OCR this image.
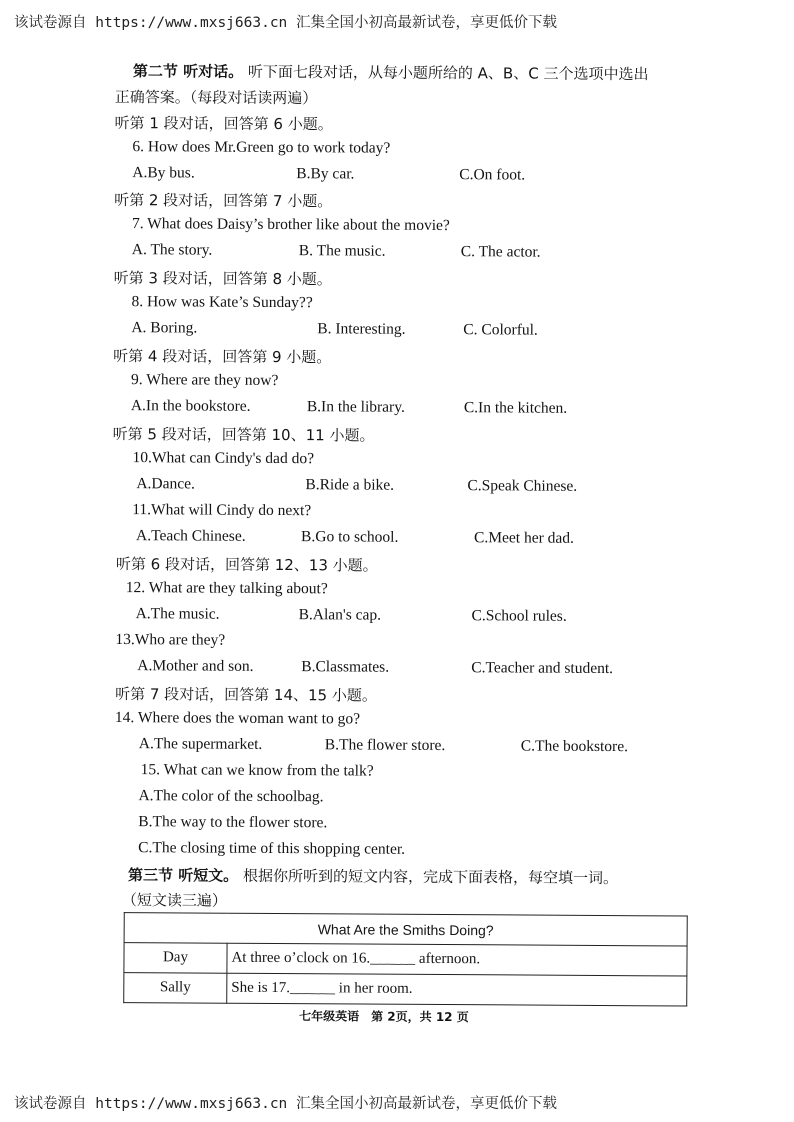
该试卷源自 https://www.mxsj663.cn 汇集全国小初高最新试卷，享更低价下载
第二节 听对话。 听下面七段对话，从每小题所给的 A、B、C 三个选项中选出
正确答案。（每段对话读两遍）
听第 1 段对话，回答第 6 小题。
6. How does Mr.Green go to work today?
A.By bus.	B.By car.	C.On foot.
听第 2 段对话，回答第 7 小题。
7. What does Daisy’s brother like about the movie?
A. The story.	B. The music.	C. The actor.
听第 3 段对话，回答第 8 小题。
8. How was Kate’s Sunday??
A. Boring.	B. Interesting.	C. Colorful.
听第 4 段对话，回答第 9 小题。
9. Where are they now?
A.In the bookstore.	B.In the library.	C.In the kitchen.
听第 5 段对话，回答第 10、11 小题。
10.What can Cindy's dad do?
A.Dance.	B.Ride a bike.	C.Speak Chinese.
11.What will Cindy do next?
A.Teach Chinese.	B.Go to school.	C.Meet her dad.
听第 6 段对话，回答第 12、13 小题。
12. What are they talking about?
A.The music.	B.Alan's cap.	C.School rules.
13.Who are they?
A.Mother and son.	B.Classmates.	C.Teacher and student.
听第 7 段对话，回答第 14、15 小题。
14. Where does the woman want to go?
A.The supermarket.	B.The flower store.	C.The bookstore.
15. What can we know from the talk?
A.The color of the schoolbag.
B.The way to the flower store.
C.The closing time of this shopping center.
第三节 听短文。 根据你所听到的短文内容，完成下面表格，每空填一词。
（短文读三遍）
What Are the Smiths Doing?	
Day	At three o’clock on 16.______ afternoon.
Sally	She is 17.______ in her room.
七年级英语　第 2页，共 12 页
该试卷源自 https://www.mxsj663.cn 汇集全国小初高最新试卷，享更低价下载
